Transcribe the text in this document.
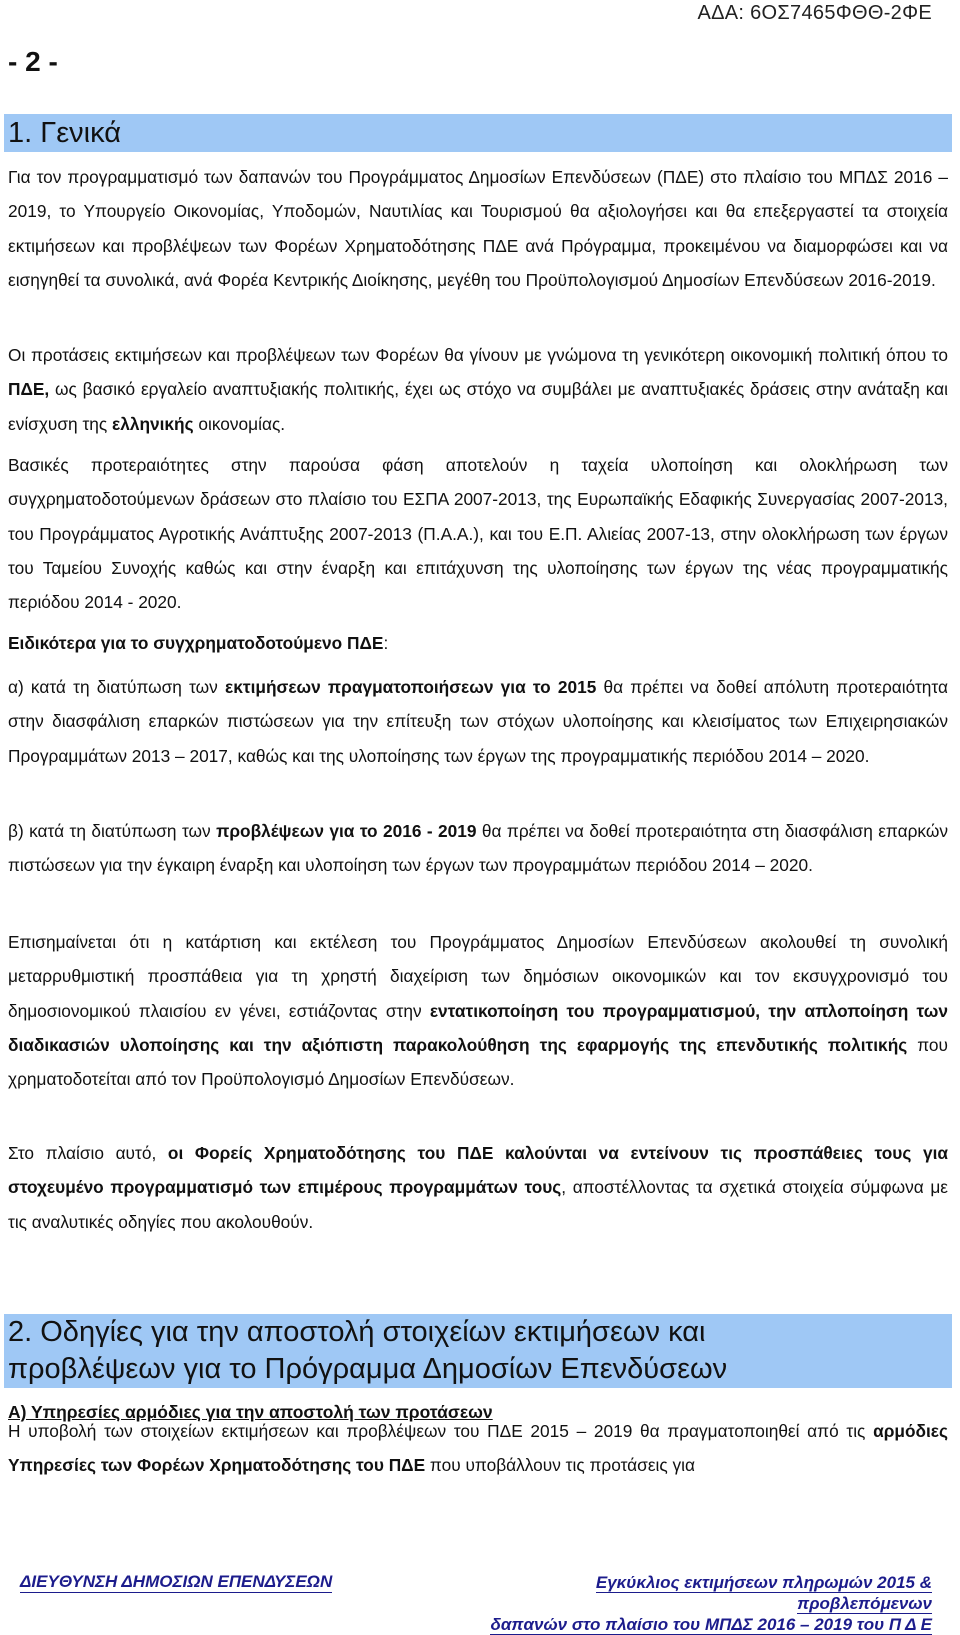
ΑΔΑ: 6ΟΣ7465ΦΘΘ-2ΦΕ
- 2 -
1. Γενικά

Για τον προγραμματισμό των δαπανών του Προγράμματος Δημοσίων Επενδύσεων (ΠΔΕ) στο πλαίσιο του ΜΠΔΣ 2016 – 2019, το Υπουργείο Οικονομίας, Υποδομών, Ναυτιλίας και Τουρισμού θα αξιολογήσει και θα επεξεργαστεί τα στοιχεία εκτιμήσεων και προβλέψεων των Φορέων Χρηματοδότησης ΠΔΕ ανά Πρόγραμμα, προκειμένου να διαμορφώσει και να εισηγηθεί τα συνολικά, ανά Φορέα Κεντρικής Διοίκησης, μεγέθη του Προϋπολογισμού Δημοσίων Επενδύσεων 2016-2019.

Οι προτάσεις εκτιμήσεων και προβλέψεων των Φορέων θα γίνουν με γνώμονα τη γενικότερη οικονομική πολιτική όπου το ΠΔΕ, ως βασικό εργαλείο αναπτυξιακής πολιτικής, έχει ως στόχο να συμβάλει με αναπτυξιακές δράσεις στην ανάταξη και ενίσχυση της ελληνικής οικονομίας.

Βασικές προτεραιότητες στην παρούσα φάση αποτελούν η ταχεία υλοποίηση και ολοκλήρωση των συγχρηματοδοτούμενων δράσεων στο πλαίσιο του ΕΣΠΑ 2007-2013, της Ευρωπαϊκής Εδαφικής Συνεργασίας 2007-2013, του Προγράμματος Αγροτικής Ανάπτυξης 2007-2013 (Π.Α.Α.), και του Ε.Π. Αλιείας 2007-13, στην ολοκλήρωση των έργων του Ταμείου Συνοχής καθώς και στην έναρξη και επιτάχυνση της υλοποίησης των έργων της νέας προγραμματικής περιόδου 2014 - 2020.

Ειδικότερα για το συγχρηματοδοτούμενο ΠΔΕ:

α) κατά τη διατύπωση των εκτιμήσεων πραγματοποιήσεων για το 2015 θα πρέπει να δοθεί απόλυτη προτεραιότητα στην διασφάλιση επαρκών πιστώσεων για την επίτευξη των στόχων υλοποίησης και κλεισίματος των Επιχειρησιακών Προγραμμάτων 2013 – 2017, καθώς και της υλοποίησης των έργων της προγραμματικής περιόδου 2014 – 2020.

β) κατά τη διατύπωση των προβλέψεων για το 2016 - 2019 θα πρέπει να δοθεί προτεραιότητα στη διασφάλιση επαρκών πιστώσεων για την έγκαιρη έναρξη και υλοποίηση των έργων των προγραμμάτων περιόδου 2014 – 2020.

Επισημαίνεται ότι η κατάρτιση και εκτέλεση του Προγράμματος Δημοσίων Επενδύσεων ακολουθεί τη συνολική μεταρρυθμιστική προσπάθεια για τη χρηστή διαχείριση των δημόσιων οικονομικών και τον εκσυγχρονισμό του δημοσιονομικού πλαισίου εν γένει, εστιάζοντας στην εντατικοποίηση του προγραμματισμού, την απλοποίηση των διαδικασιών υλοποίησης και την αξιόπιστη παρακολούθηση της εφαρμογής της επενδυτικής πολιτικής που χρηματοδοτείται από τον Προϋπολογισμό Δημοσίων Επενδύσεων.

Στο πλαίσιο αυτό, οι Φορείς Χρηματοδότησης του ΠΔΕ καλούνται να εντείνουν τις προσπάθειες τους για στοχευμένο προγραμματισμό των επιμέρους προγραμμάτων τους, αποστέλλοντας τα σχετικά στοιχεία σύμφωνα με τις αναλυτικές οδηγίες που ακολουθούν.

2. Οδηγίες για την αποστολή στοιχείων εκτιμήσεων και
προβλέψεων για το Πρόγραμμα Δημοσίων Επενδύσεων
Α) Υπηρεσίες αρμόδιες για την αποστολή των προτάσεων

Η υποβολή των στοιχείων εκτιμήσεων και προβλέψεων του ΠΔΕ 2015 – 2019 θα πραγματοποιηθεί από τις αρμόδιες Υπηρεσίες των Φορέων Χρηματοδότησης του ΠΔΕ που υποβάλλουν τις προτάσεις για

ΔΙΕΥΘΥΝΣΗ ΔΗΜΟΣΙΩΝ ΕΠΕΝΔΥΣΕΩΝ	Εγκύκλιος εκτιμήσεων πληρωμών 2015 & προβλεπόμενων
δαπανών στο πλαίσιο του ΜΠΔΣ 2016 – 2019 του Π Δ Ε
